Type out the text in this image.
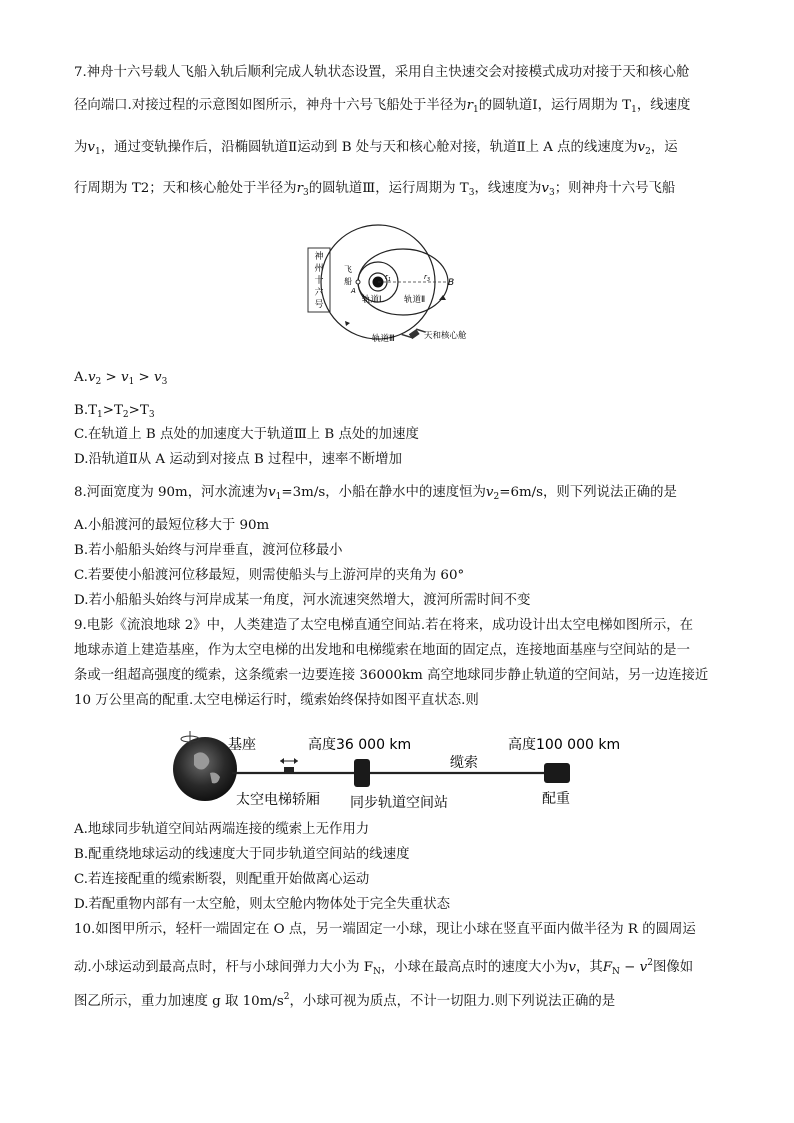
7.神舟十六号载人飞船入轨后顺利完成人轨状态设置，采用自主快速交会对接模式成功对接于天和核心舱
径向端口.对接过程的示意图如图所示，神舟十六号飞船处于半径为$r_1$的圆轨道Ⅰ，运行周期为 $T_1$，线速度
为$v_1$，通过变轨操作后，沿椭圆轨道Ⅱ运动到 B 处与天和核心舱对接，轨道Ⅱ上 A 点的线速度为$v_2$，运
行周期为 T2；天和核心舱处于半径为$r_3$的圆轨道Ⅲ，运行周期为 $T_3$，线速度为$v_3$；则神舟十六号飞船
神
州
十
六
号
飞
船
A
B
$r_1$	$r_3$
轨道Ⅰ	轨道Ⅱ
轨道Ⅲ	天和核心舱
$A.v_2 > v_1 > v_3$
$B.T_1>T_2>T_3$
C.在轨道上 B 点处的加速度大于轨道Ⅲ上 B 点处的加速度
D.沿轨道Ⅱ从 A 运动到对接点 B 过程中，速率不断增加
8.河面宽度为 90m，河水流速为$v_1=3m/s$，小船在静水中的速度恒为$v_2=6m/s$，则下列说法正确的是
A.小船渡河的最短位移大于 90m
B.若小船船头始终与河岸垂直，渡河位移最小
C.若要使小船渡河位移最短，则需使船头与上游河岸的夹角为 60°
D.若小船船头始终与河岸成某一角度，河水流速突然增大，渡河所需时间不变
9.电影《流浪地球 2》中，人类建造了太空电梯直通空间站.若在将来，成功设计出太空电梯如图所示，在
地球赤道上建造基座，作为太空电梯的出发地和电梯缆索在地面的固定点，连接地面基座与空间站的是一
条或一组超高强度的缆索，这条缆索一边要连接 36000km 高空地球同步静止轨道的空间站，另一边连接近
10 万公里高的配重.太空电梯运行时，缆索始终保持如图平直状态.则
基座
太空电梯轿厢
高度36 000 km
同步轨道空间站
缆索
高度100 000 km
配重
A.地球同步轨道空间站两端连接的缆索上无作用力
B.配重绕地球运动的线速度大于同步轨道空间站的线速度
C.若连接配重的缆索断裂，则配重开始做离心运动
D.若配重物内部有一太空舱，则太空舱内物体处于完全失重状态
10.如图甲所示，轻杆一端固定在 O 点，另一端固定一小球，现让小球在竖直平面内做半径为 R 的圆周运
动.小球运动到最高点时，杆与小球间弹力大小为 $F_N$，小球在最高点时的速度大小为v，其$F_N - v^2$图像如
图乙所示，重力加速度 g 取 $10m/s^2$，小球可视为质点，不计一切阻力.则下列说法正确的是
